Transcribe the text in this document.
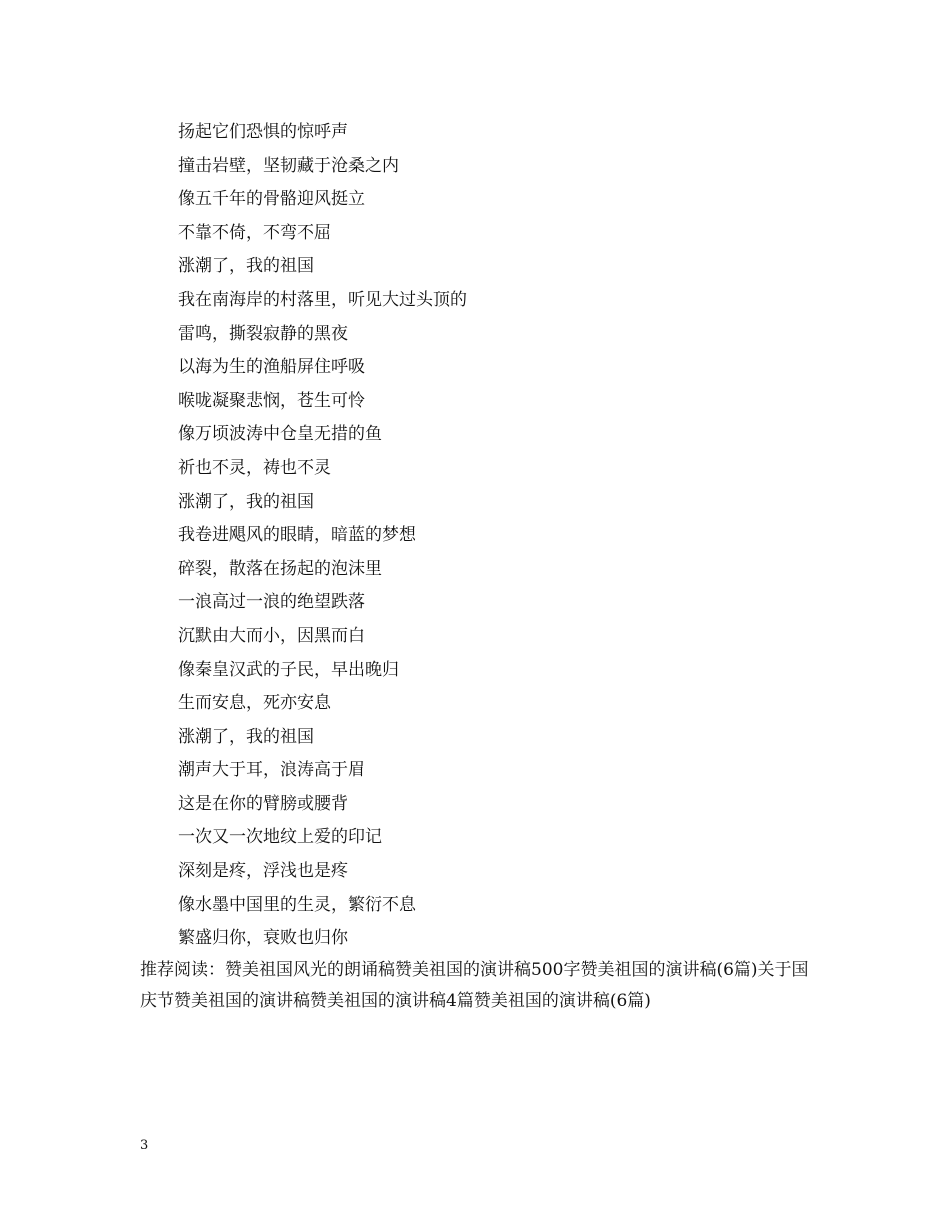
扬起它们恐惧的惊呼声
撞击岩壁，坚韧藏于沧桑之内
像五千年的骨骼迎风挺立
不靠不倚，不弯不屈
涨潮了，我的祖国
我在南海岸的村落里，听见大过头顶的
雷鸣，撕裂寂静的黑夜
以海为生的渔船屏住呼吸
喉咙凝聚悲悯，苍生可怜
像万顷波涛中仓皇无措的鱼
祈也不灵，祷也不灵
涨潮了，我的祖国
我卷进飓风的眼睛，暗蓝的梦想
碎裂，散落在扬起的泡沫里
一浪高过一浪的绝望跌落
沉默由大而小，因黑而白
像秦皇汉武的子民，早出晚归
生而安息，死亦安息
涨潮了，我的祖国
潮声大于耳，浪涛高于眉
这是在你的臂膀或腰背
一次又一次地纹上爱的印记
深刻是疼，浮浅也是疼
像水墨中国里的生灵，繁衍不息
繁盛归你，衰败也归你

推荐阅读：赞美祖国风光的朗诵稿赞美祖国的演讲稿500字赞美祖国的演讲稿(6篇)关于国庆节赞美祖国的演讲稿赞美祖国的演讲稿4篇赞美祖国的演讲稿(6篇)

3
